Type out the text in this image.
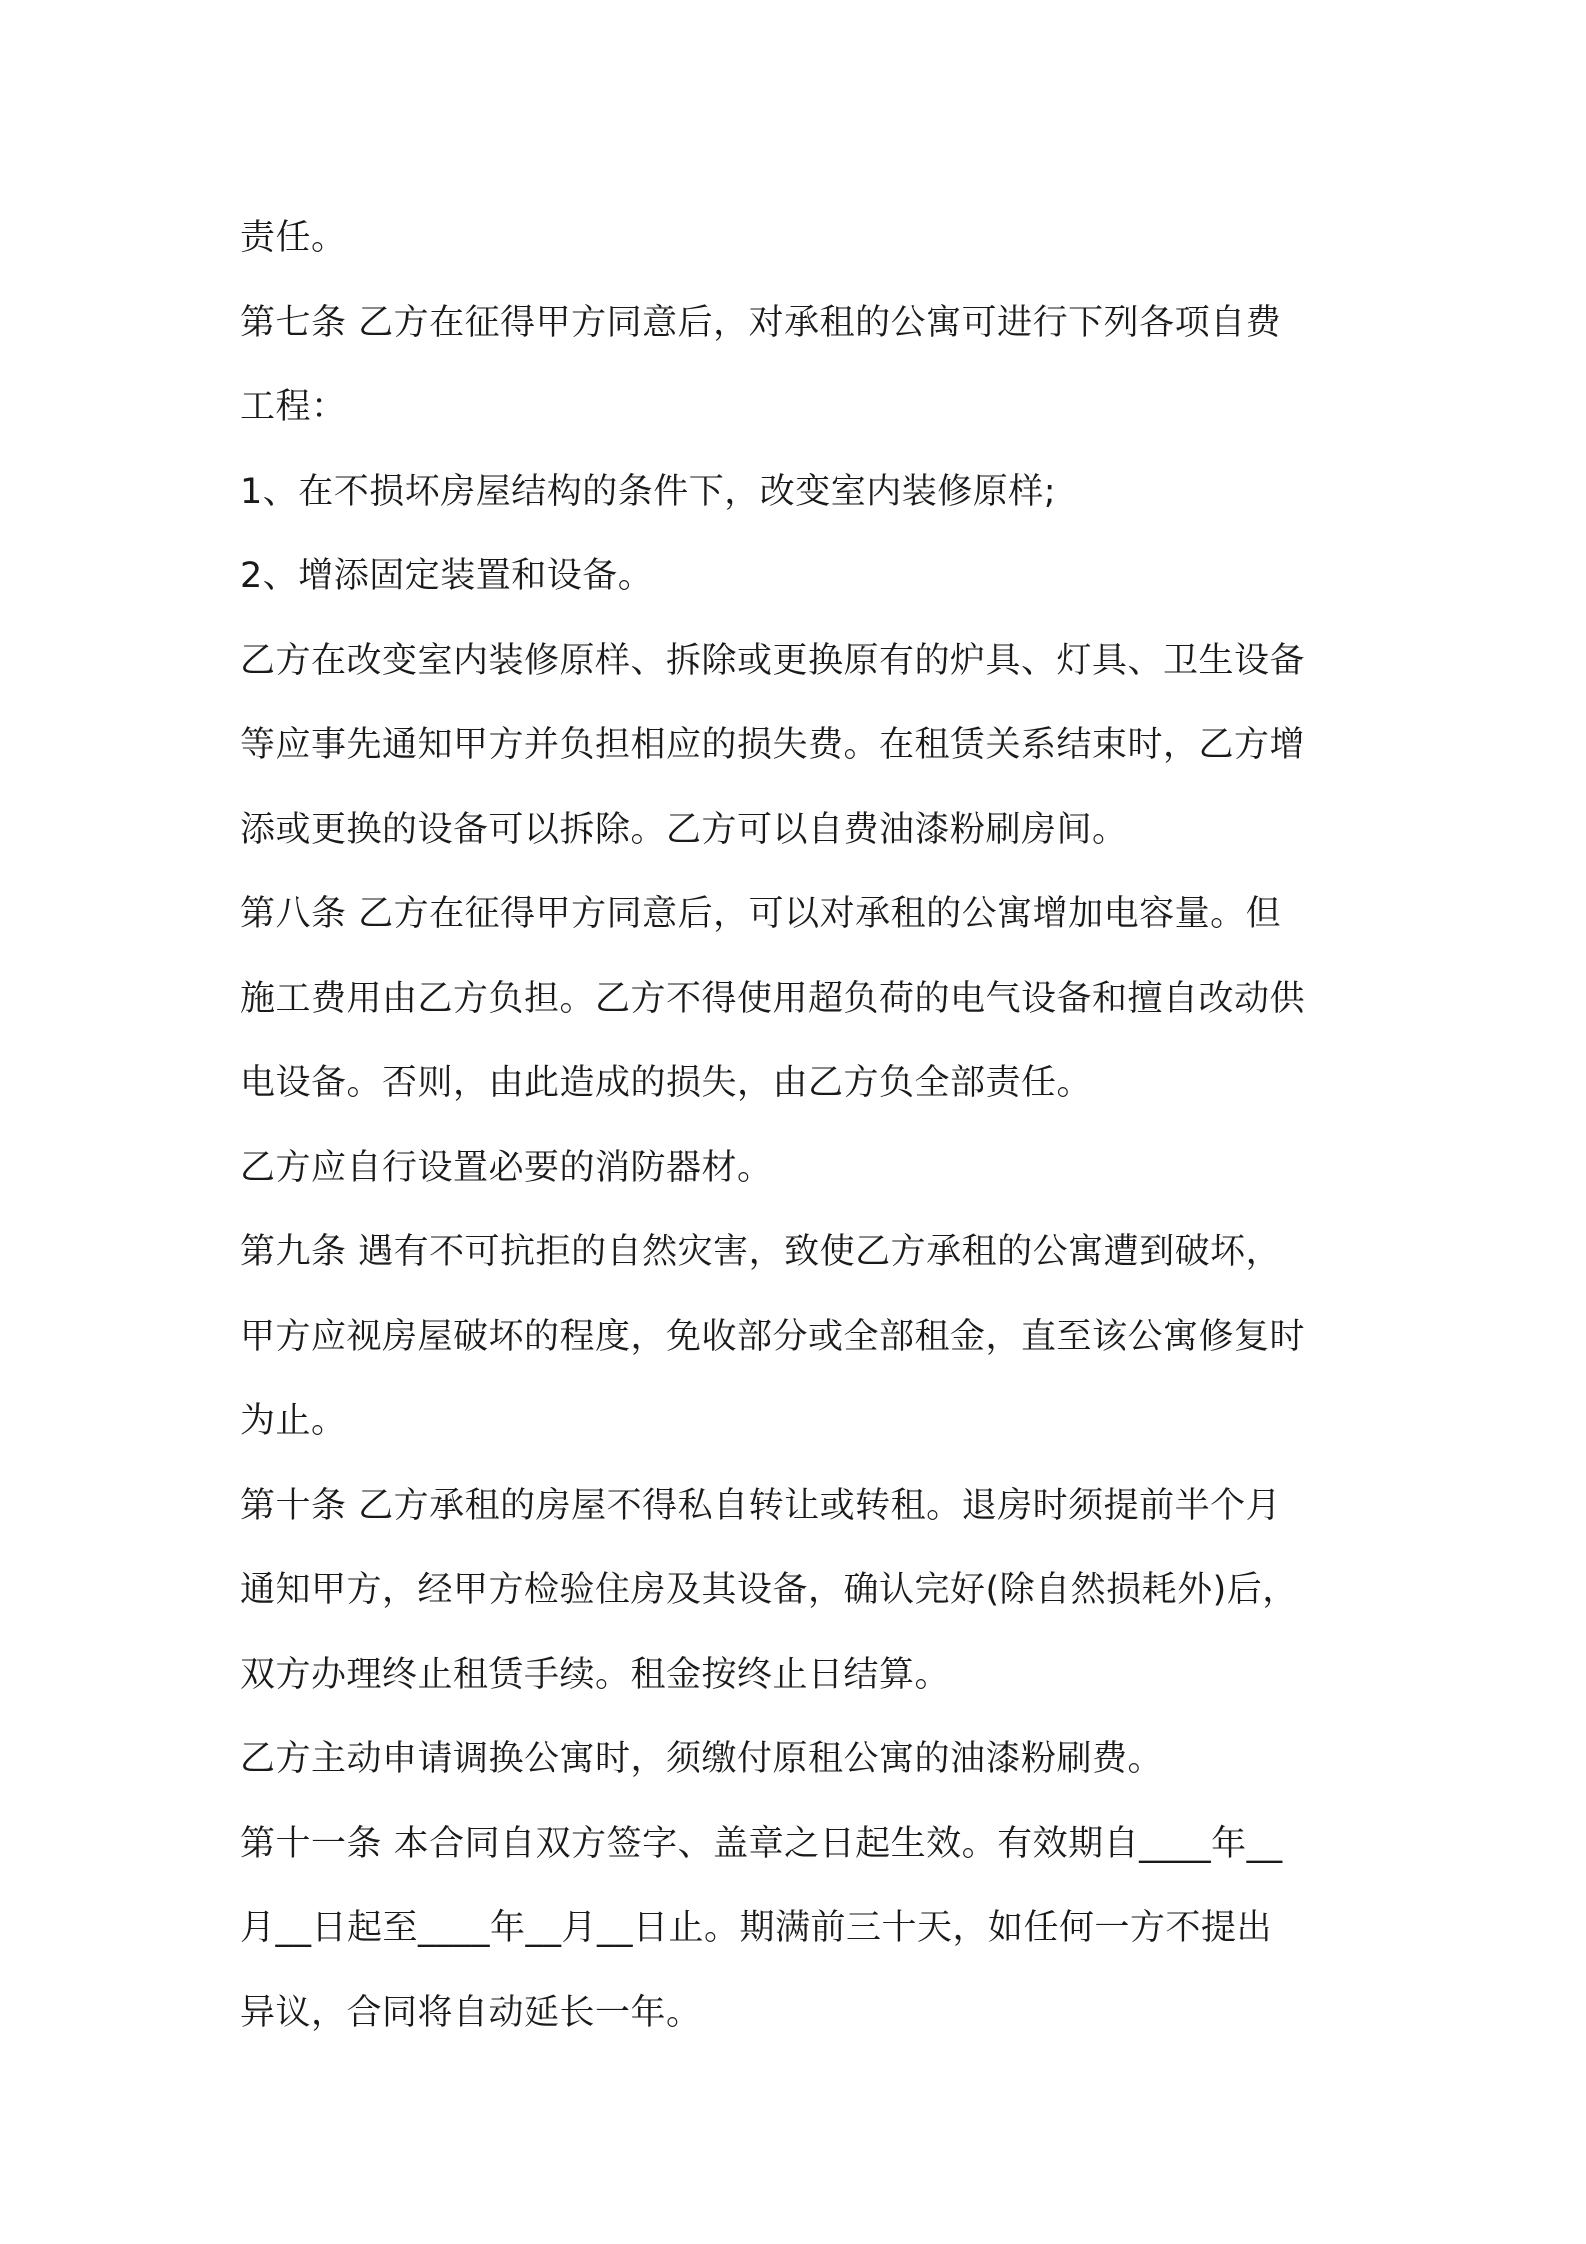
责任。
第七条 乙方在征得甲方同意后，对承租的公寓可进行下列各项自费
工程：
1、在不损坏房屋结构的条件下，改变室内装修原样;
2、增添固定装置和设备。
乙方在改变室内装修原样、拆除或更换原有的炉具、灯具、卫生设备
等应事先通知甲方并负担相应的损失费。在租赁关系结束时，乙方增
添或更换的设备可以拆除。乙方可以自费油漆粉刷房间。
第八条 乙方在征得甲方同意后，可以对承租的公寓增加电容量。但
施工费用由乙方负担。乙方不得使用超负荷的电气设备和擅自改动供
电设备。否则，由此造成的损失，由乙方负全部责任。
乙方应自行设置必要的消防器材。
第九条 遇有不可抗拒的自然灾害，致使乙方承租的公寓遭到破坏，
甲方应视房屋破坏的程度，免收部分或全部租金，直至该公寓修复时
为止。
第十条 乙方承租的房屋不得私自转让或转租。退房时须提前半个月
通知甲方，经甲方检验住房及其设备，确认完好(除自然损耗外)后，
双方办理终止租赁手续。租金按终止日结算。
乙方主动申请调换公寓时，须缴付原租公寓的油漆粉刷费。
第十一条 本合同自双方签字、盖章之日起生效。有效期自____年__
月__日起至____年__月__日止。期满前三十天，如任何一方不提出
异议，合同将自动延长一年。
